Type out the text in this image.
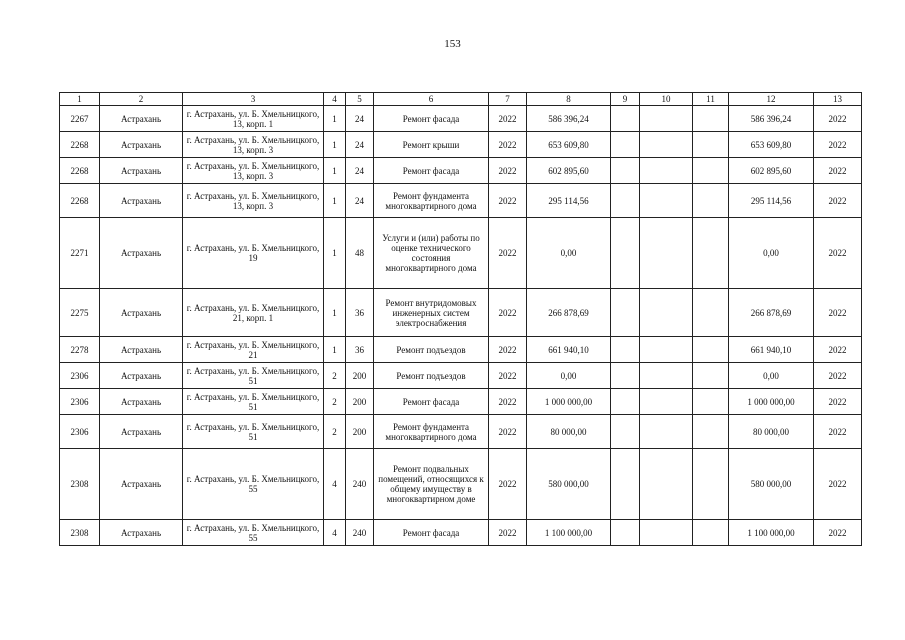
153
1	2	3	4	5	6	7	8	9	10	11	12	13
2267	Астрахань	г. Астрахань, ул. Б. Хмельницкого, 13, корп. 1	1	24	Ремонт фасада	2022	586 396,24				586 396,24	2022
2268	Астрахань	г. Астрахань, ул. Б. Хмельницкого, 13, корп. 3	1	24	Ремонт крыши	2022	653 609,80				653 609,80	2022
2268	Астрахань	г. Астрахань, ул. Б. Хмельницкого, 13, корп. 3	1	24	Ремонт фасада	2022	602 895,60				602 895,60	2022
2268	Астрахань	г. Астрахань, ул. Б. Хмельницкого, 13, корп. 3	1	24	Ремонт фундамента многоквартирного дома	2022	295 114,56				295 114,56	2022
2271	Астрахань	г. Астрахань, ул. Б. Хмельницкого, 19	1	48	Услуги и (или) работы по оценке технического состояния многоквартирного дома	2022	0,00				0,00	2022
2275	Астрахань	г. Астрахань, ул. Б. Хмельницкого, 21, корп. 1	1	36	Ремонт внутридомовых инженерных систем электроснабжения	2022	266 878,69				266 878,69	2022
2278	Астрахань	г. Астрахань, ул. Б. Хмельницкого, 21	1	36	Ремонт подъездов	2022	661 940,10				661 940,10	2022
2306	Астрахань	г. Астрахань, ул. Б. Хмельницкого, 51	2	200	Ремонт подъездов	2022	0,00				0,00	2022
2306	Астрахань	г. Астрахань, ул. Б. Хмельницкого, 51	2	200	Ремонт фасада	2022	1 000 000,00				1 000 000,00	2022
2306	Астрахань	г. Астрахань, ул. Б. Хмельницкого, 51	2	200	Ремонт фундамента многоквартирного дома	2022	80 000,00				80 000,00	2022
2308	Астрахань	г. Астрахань, ул. Б. Хмельницкого, 55	4	240	Ремонт подвальных помещений, относящихся к общему имуществу в многоквартирном доме	2022	580 000,00				580 000,00	2022
2308	Астрахань	г. Астрахань, ул. Б. Хмельницкого, 55	4	240	Ремонт фасада	2022	1 100 000,00				1 100 000,00	2022
